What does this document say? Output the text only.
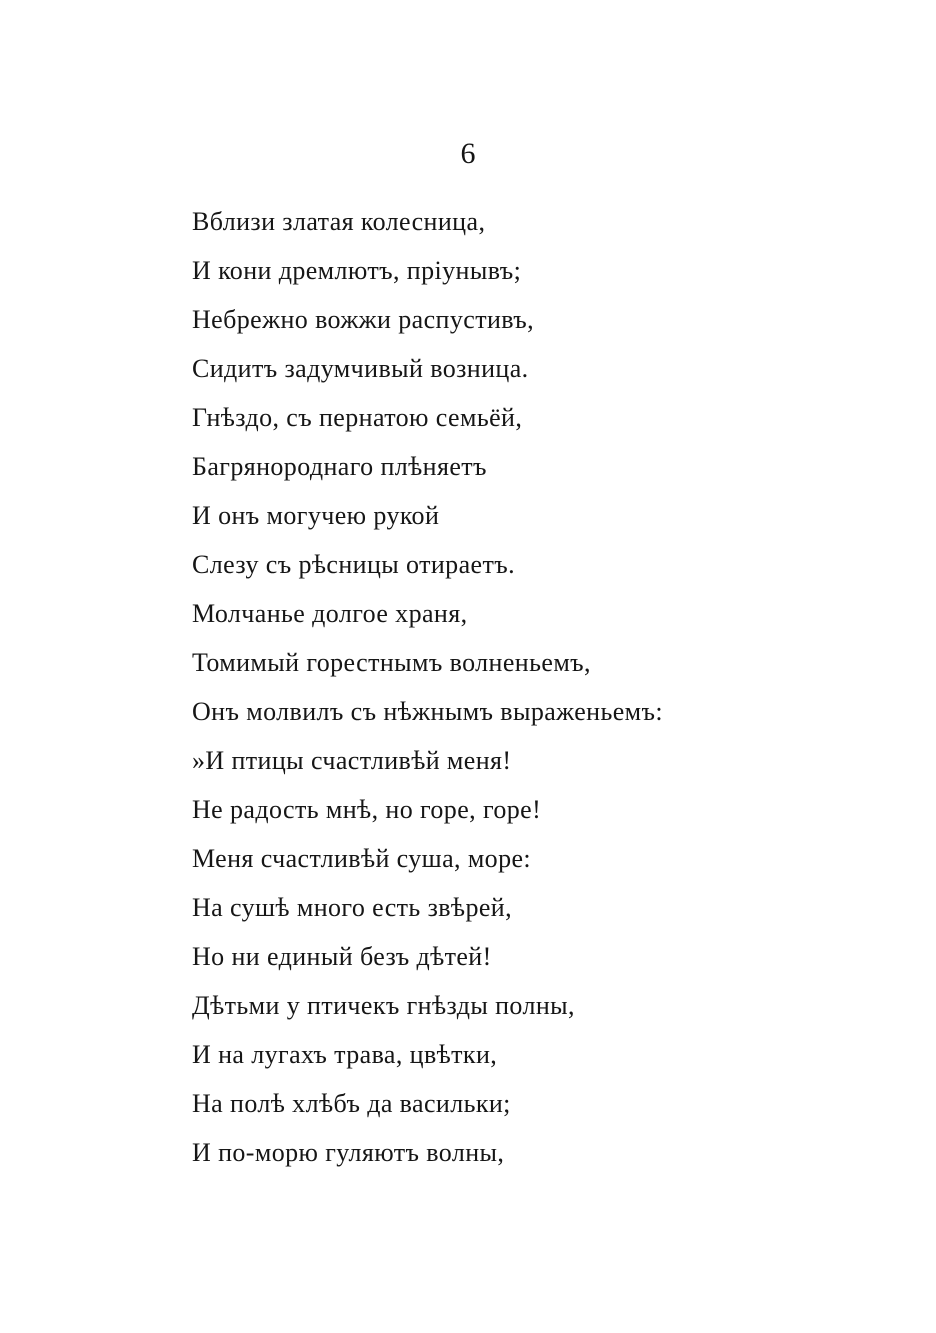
6
Вблизи златая колесница,
И кони дремлютъ, пріунывъ;
Небрежно вожжи распустивъ,
Сидитъ задумчивый возница.
Гнѣздо, съ пернатою семьёй,
Багрянороднаго плѣняетъ
И онъ могучею рукой
Слезу съ рѣсницы отираетъ.
Молчанье долгое храня,
Томимый горестнымъ волненьемъ,
Онъ молвилъ съ нѣжнымъ выраженьемъ:
»И птицы счастливѣй меня!
Не радость мнѣ, но горе, горе!
Меня счастливѣй суша, море:
На сушѣ много есть звѣрей,
Но ни единый безъ дѣтей!
Дѣтьми у птичекъ гнѣзды полны,
И на лугахъ трава, цвѣтки,
На полѣ хлѣбъ да васильки;
И по-морю гуляютъ волны,
